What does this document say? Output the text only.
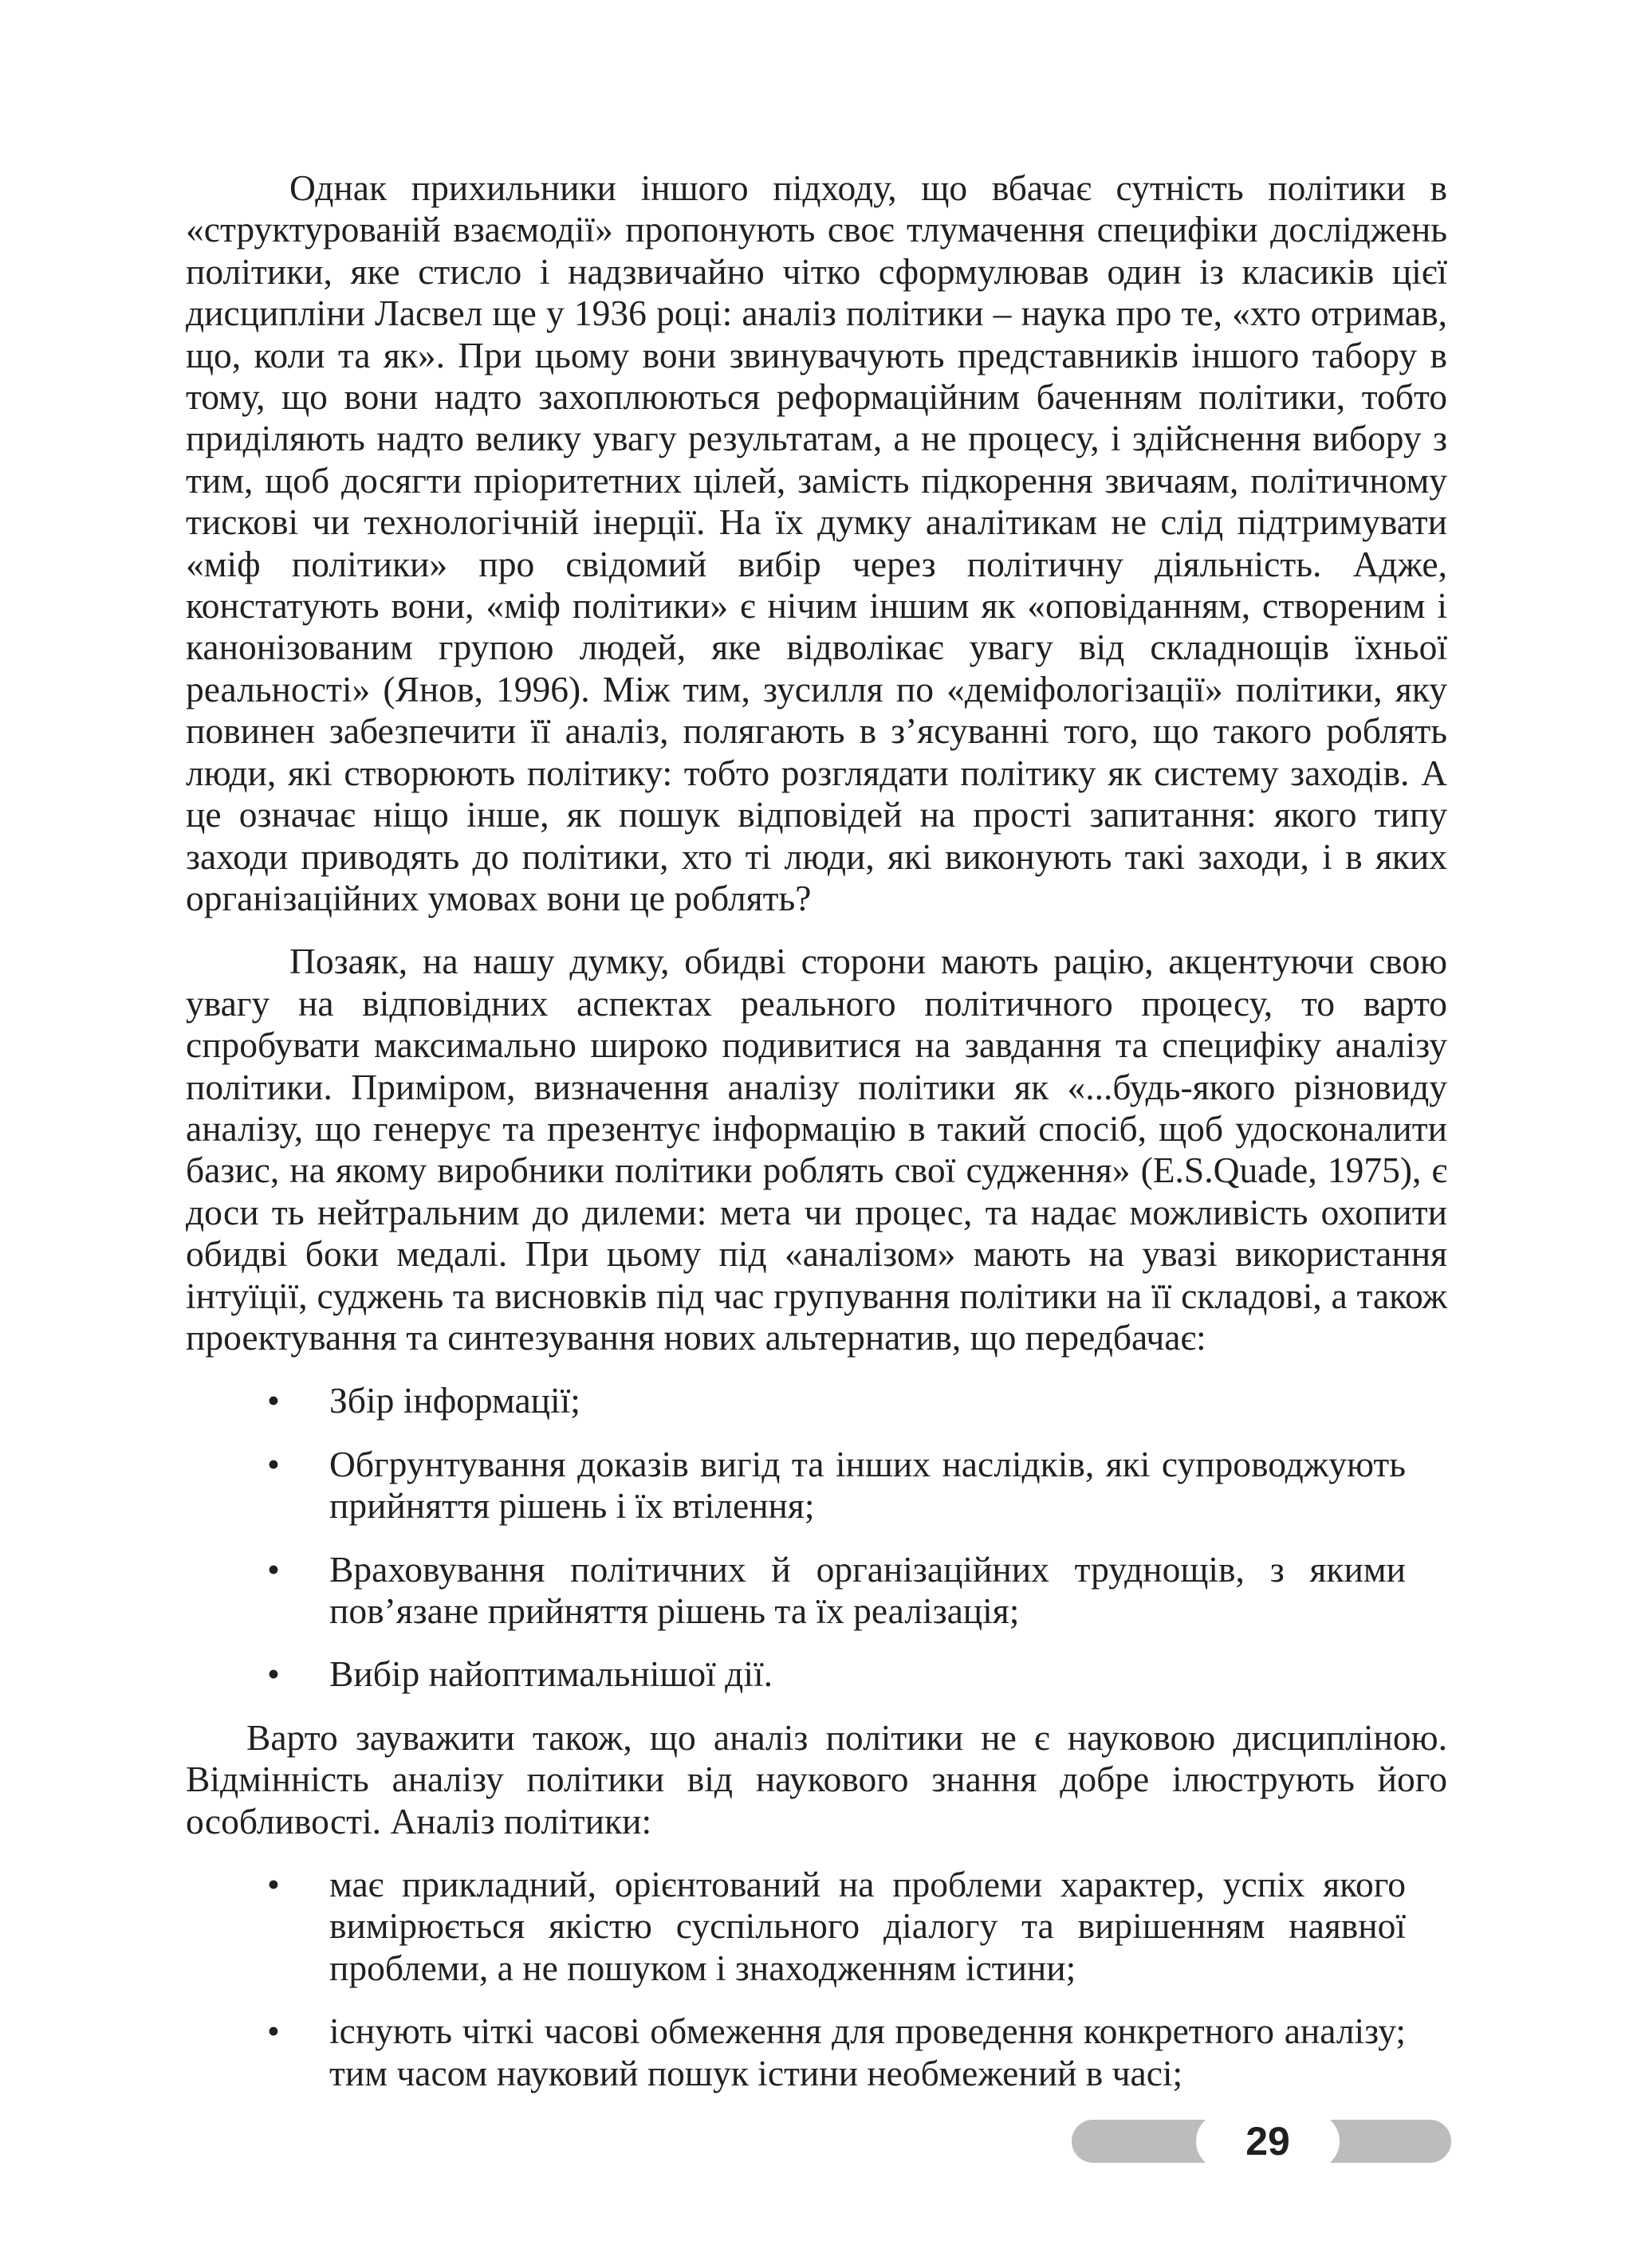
Однак прихильники іншого підходу, що вбачає сутність політики в «структурованій взаємодії» пропонують своє тлумачення специфіки досліджень політики, яке стисло і надзвичайно чітко сформулював один із класиків цієї дисципліни Ласвел ще у 1936 році: аналіз політики – наука про те, «хто отримав, що, коли та як». При цьому вони звинувачують представників іншого табору в тому, що вони надто захоплюються реформаційним баченням політики, тобто приділяють надто велику увагу результатам, а не процесу, і здійснення вибору з тим, щоб досягти пріоритетних цілей, замість підкорення звичаям, політичному тискові чи технологічній інерції. На їх думку аналітикам не слід підтримувати «міф політики» про свідомий вибір через політичну діяльність. Адже, констатують вони, «міф політики» є нічим іншим як «оповіданням, створеним і канонізованим групою людей, яке відволікає увагу від складнощів їхньої реальності» (Янов, 1996). Між тим, зусилля по «деміфологізації» політики, яку повинен забезпечити її аналіз, полягають в з’ясуванні того, що такого роблять люди, які створюють політику: тобто розглядати політику як систему заходів. А це означає ніщо інше, як пошук відповідей на прості запитання: якого типу заходи приводять до політики, хто ті люди, які виконують такі заходи, і в яких організаційних умовах вони це роблять?

Позаяк, на нашу думку, обидві сторони мають рацію, акцентуючи свою увагу на відповідних аспектах реального політичного процесу, то варто спробувати максимально широко подивитися на завдання та специфіку аналізу політики. Приміром, визначення аналізу політики як «...будь-якого різновиду аналізу, що генерує та презентує інформацію в такий спосіб, щоб удосконалити базис, на якому виробники політики роблять свої судження» (E.S.Quade, 1975), є доси ть нейтральним до дилеми: мета чи процес, та надає можливість охопити обидві боки медалі. При цьому під «аналізом» мають на увазі використання інтуїції, суджень та висновків під час групування політики на її складові, а також проектування та синтезування нових альтернатив, що передбачає:

• Збір інформації;
• Обгрунтування доказів вигід та інших наслідків, які супроводжують прийняття рішень і їх втілення;
• Враховування політичних й організаційних труднощів, з якими пов’язане прийняття рішень та їх реалізація;
• Вибір найоптимальнішої дії.

Варто зауважити також, що аналіз політики не є науковою дисципліною. Відмінність аналізу політики від наукового знання добре ілюструють його особливості. Аналіз політики:

• має прикладний, орієнтований на проблеми характер, успіх якого вимірюється якістю суспільного діалогу та вирішенням наявної проблеми, а не пошуком і знаходженням істини;
• існують чіткі часові обмеження для проведення конкретного аналізу; тим часом науковий пошук істини необмежений в часі;
29
